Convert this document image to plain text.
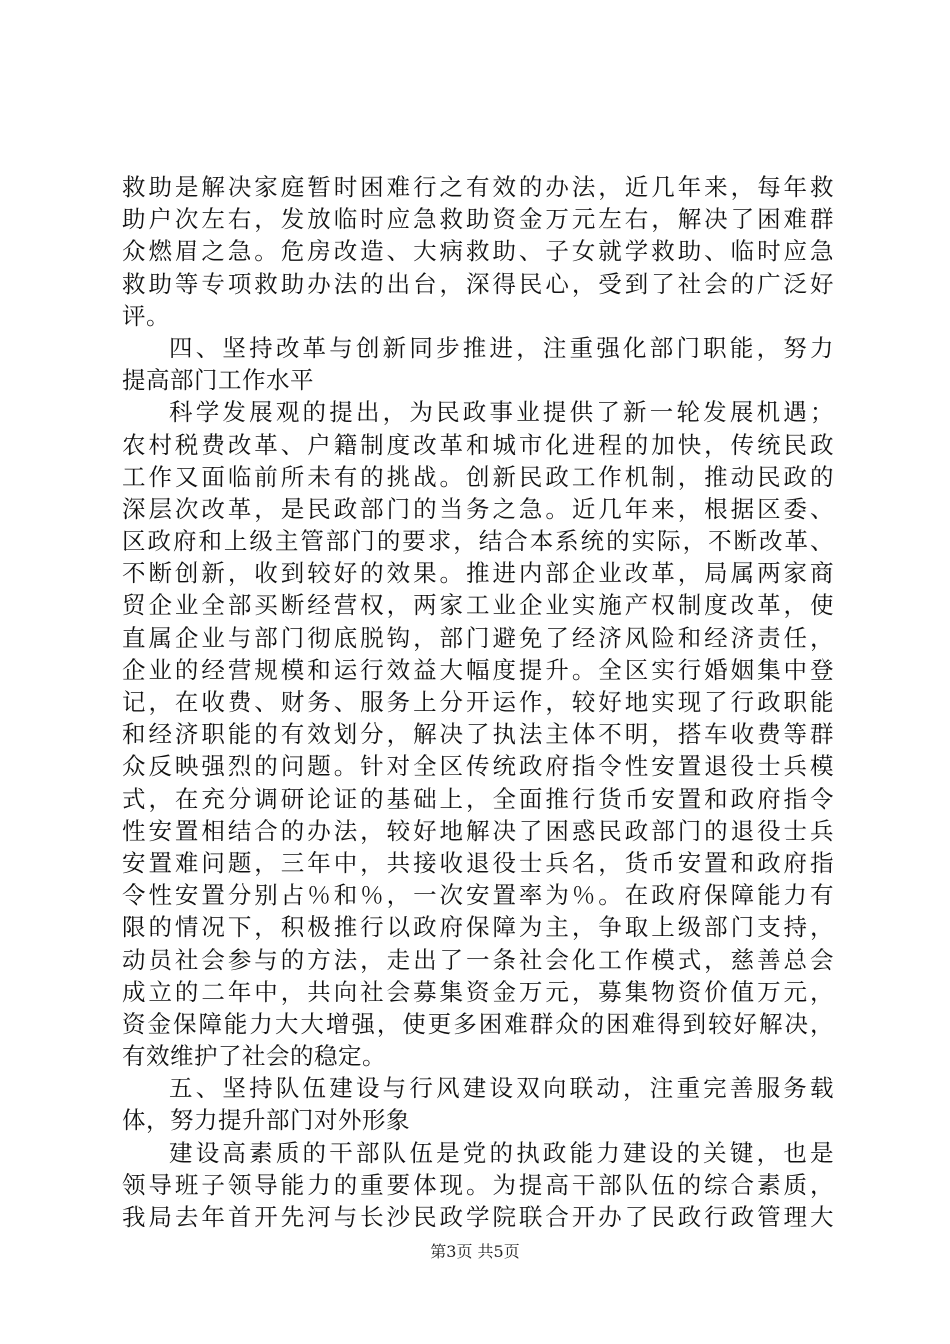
救助是解决家庭暂时困难行之有效的办法，近几年来，每年救
助户次左右，发放临时应急救助资金万元左右，解决了困难群
众燃眉之急。危房改造、大病救助、子女就学救助、临时应急
救助等专项救助办法的出台，深得民心，受到了社会的广泛好
评。
四、坚持改革与创新同步推进，注重强化部门职能，努力
提高部门工作水平
科学发展观的提出，为民政事业提供了新一轮发展机遇；
农村税费改革、户籍制度改革和城市化进程的加快，传统民政
工作又面临前所未有的挑战。创新民政工作机制，推动民政的
深层次改革，是民政部门的当务之急。近几年来，根据区委、
区政府和上级主管部门的要求，结合本系统的实际，不断改革、
不断创新，收到较好的效果。推进内部企业改革，局属两家商
贸企业全部买断经营权，两家工业企业实施产权制度改革，使
直属企业与部门彻底脱钩，部门避免了经济风险和经济责任，
企业的经营规模和运行效益大幅度提升。全区实行婚姻集中登
记，在收费、财务、服务上分开运作，较好地实现了行政职能
和经济职能的有效划分，解决了执法主体不明，搭车收费等群
众反映强烈的问题。针对全区传统政府指令性安置退役士兵模
式，在充分调研论证的基础上，全面推行货币安置和政府指令
性安置相结合的办法，较好地解决了困惑民政部门的退役士兵
安置难问题，三年中，共接收退役士兵名，货币安置和政府指
令性安置分别占％和％，一次安置率为％。在政府保障能力有
限的情况下，积极推行以政府保障为主，争取上级部门支持，
动员社会参与的方法，走出了一条社会化工作模式，慈善总会
成立的二年中，共向社会募集资金万元，募集物资价值万元，
资金保障能力大大增强，使更多困难群众的困难得到较好解决，
有效维护了社会的稳定。
五、坚持队伍建设与行风建设双向联动，注重完善服务载
体，努力提升部门对外形象
建设高素质的干部队伍是党的执政能力建设的关键，也是
领导班子领导能力的重要体现。为提高干部队伍的综合素质，
我局去年首开先河与长沙民政学院联合开办了民政行政管理大
第3页 共5页
